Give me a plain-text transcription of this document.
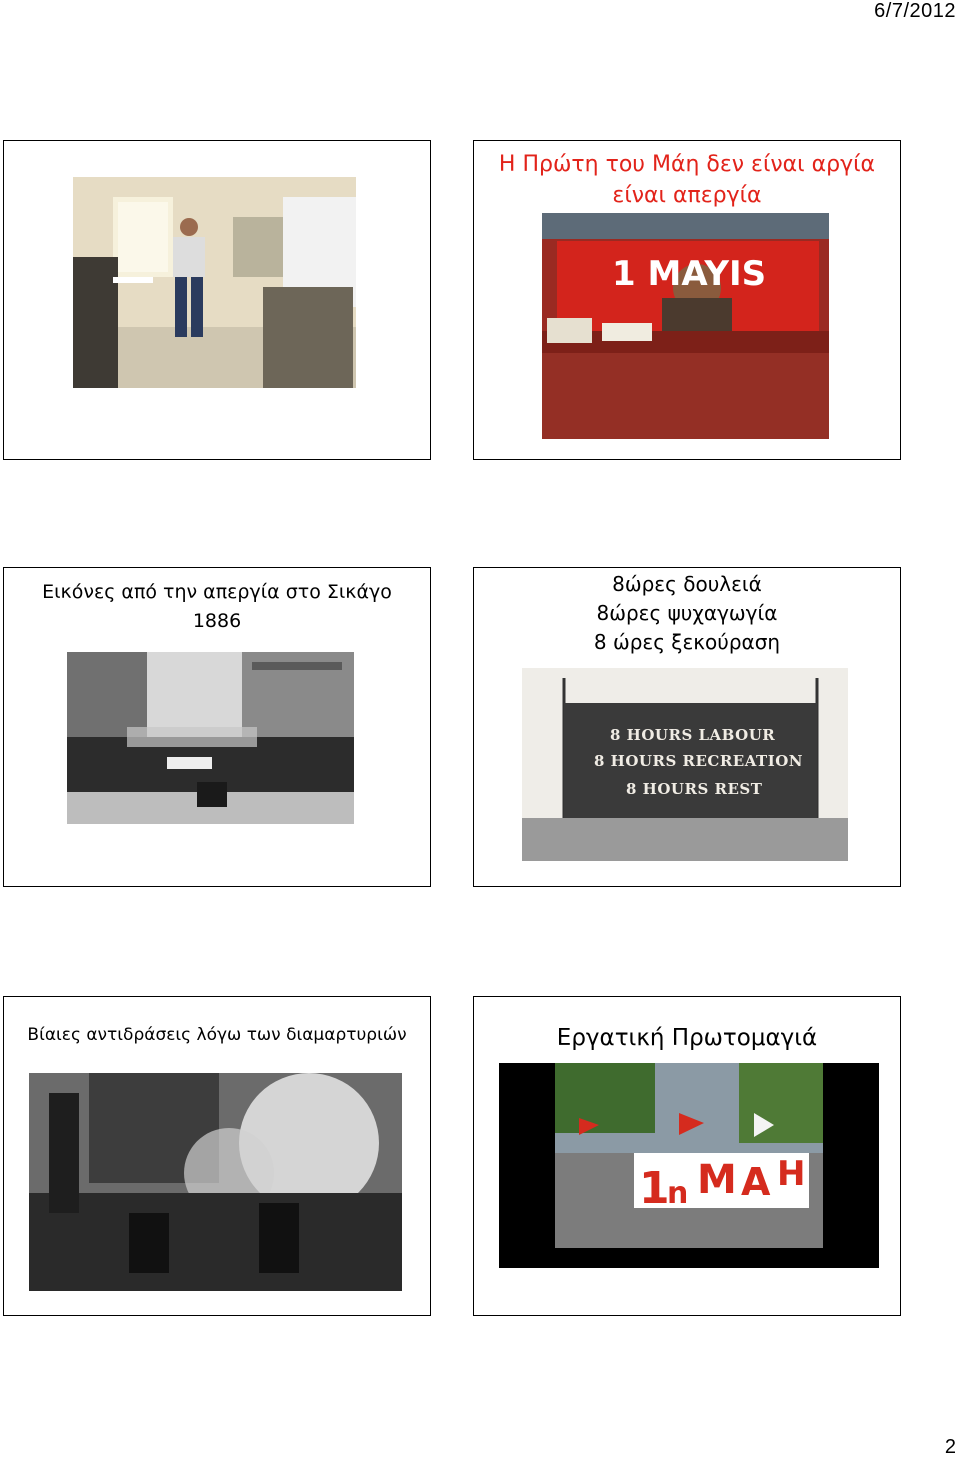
6/7/2012
Η Πρώτη του Μάη δεν είναι αργία
είναι απεργία
1 MAYIS
Εικόνες από την απεργία στο Σικάγο
1886
8ώρες δουλειά
8ώρες ψυχαγωγία
8 ώρες ξεκούραση
8 HOURS LABOUR
8 HOURS RECREATION
8 HOURS REST
Βίαιες αντιδράσεις λόγω των διαμαρτυριών	Εργατική Πρωτομαγιά
1
n M A H
2
